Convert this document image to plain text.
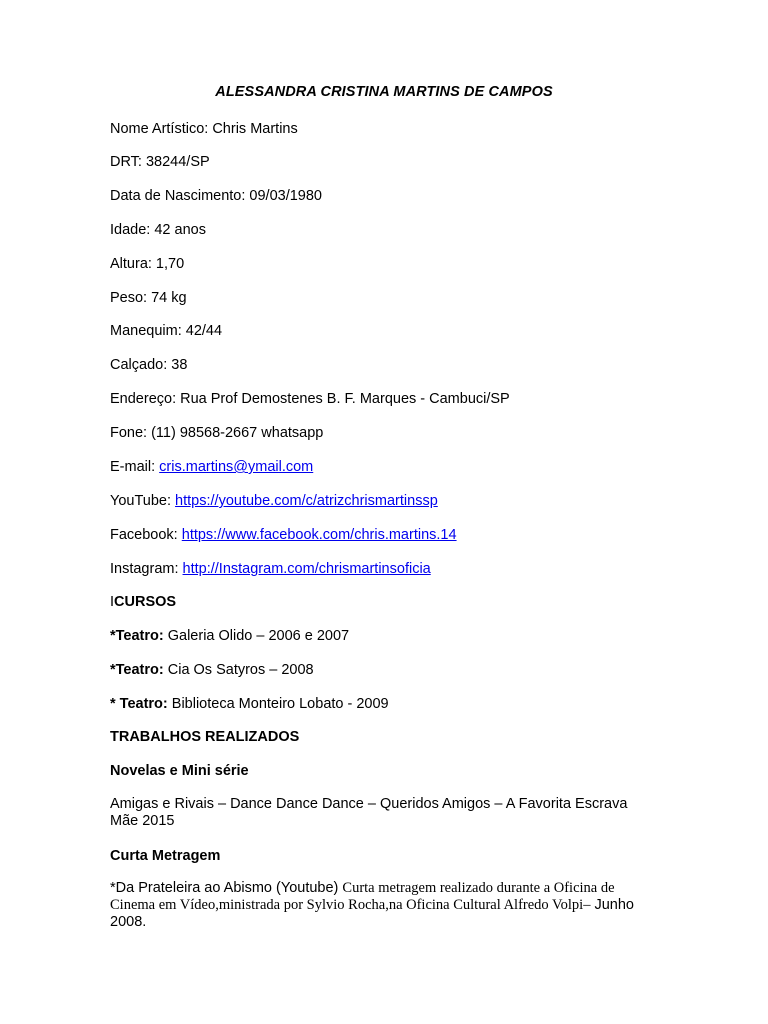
ALESSANDRA CRISTINA MARTINS DE CAMPOS
Nome Artístico: Chris Martins
DRT: 38244/SP
Data de Nascimento: 09/03/1980
Idade: 42 anos
Altura: 1,70
Peso: 74 kg
Manequim: 42/44
Calçado: 38
Endereço: Rua Prof Demostenes B. F. Marques - Cambuci/SP
Fone: (11) 98568-2667 whatsapp
E-mail: cris.martins@ymail.com
YouTube: https://youtube.com/c/atrizchrismartinssp
Facebook: https://www.facebook.com/chris.martins.14
Instagram: http://Instagram.com/chrismartinsoficia
ICURSOS
*Teatro: Galeria Olido – 2006 e 2007
*Teatro: Cia Os Satyros – 2008
* Teatro: Biblioteca Monteiro Lobato - 2009
TRABALHOS REALIZADOS
Novelas e Mini série
Amigas e Rivais – Dance Dance Dance – Queridos Amigos – A Favorita Escrava Mãe 2015
Curta Metragem
*Da Prateleira ao Abismo (Youtube) Curta metragem realizado durante a Oficina de Cinema em Vídeo,ministrada por Sylvio Rocha,na Oficina Cultural Alfredo Volpi– Junho 2008.
